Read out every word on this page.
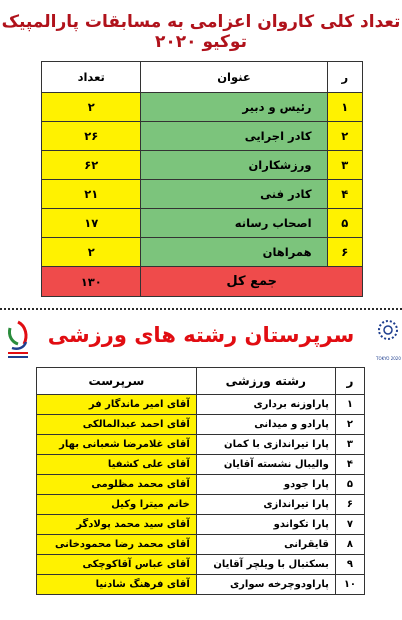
تعداد کلی کاروان اعزامی به مسابقات پارالمپیک توکیو ۲۰۲۰
ر	عنوان	تعداد
۱	رئیس و دبیر	۲
۲	کادر اجرایی	۲۶
۳	ورزشکاران	۶۲
۴	کادر فنی	۲۱
۵	اصحاب رسانه	۱۷
۶	همراهان	۲
جمع کل		۱۳۰
سرپرستان رشته های ورزشی
TOKYO 2020
ر	رشته ورزشی	سرپرست
۱	پاراوزنه برداری	آقای امیر ماندگار فر
۲	پارادو و میدانی	آقای احمد عبدالمالکی
۳	پارا تیراندازی با کمان	آقای غلامرضا شعبانی بهار
۴	والیبال نشسته آقایان	آقای علی کشفیا
۵	پارا جودو	آقای محمد مظلومی
۶	پارا تیراندازی	خانم میترا وکیل
۷	پارا تکواندو	آقای سید محمد پولادگر
۸	قایقرانی	آقای محمد رضا محمودخانی
۹	بسکتبال با ویلچر آقایان	آقای عباس آقاکوچکی
۱۰	پاراودوچرخه سواری	آقای فرهنگ شادنیا
